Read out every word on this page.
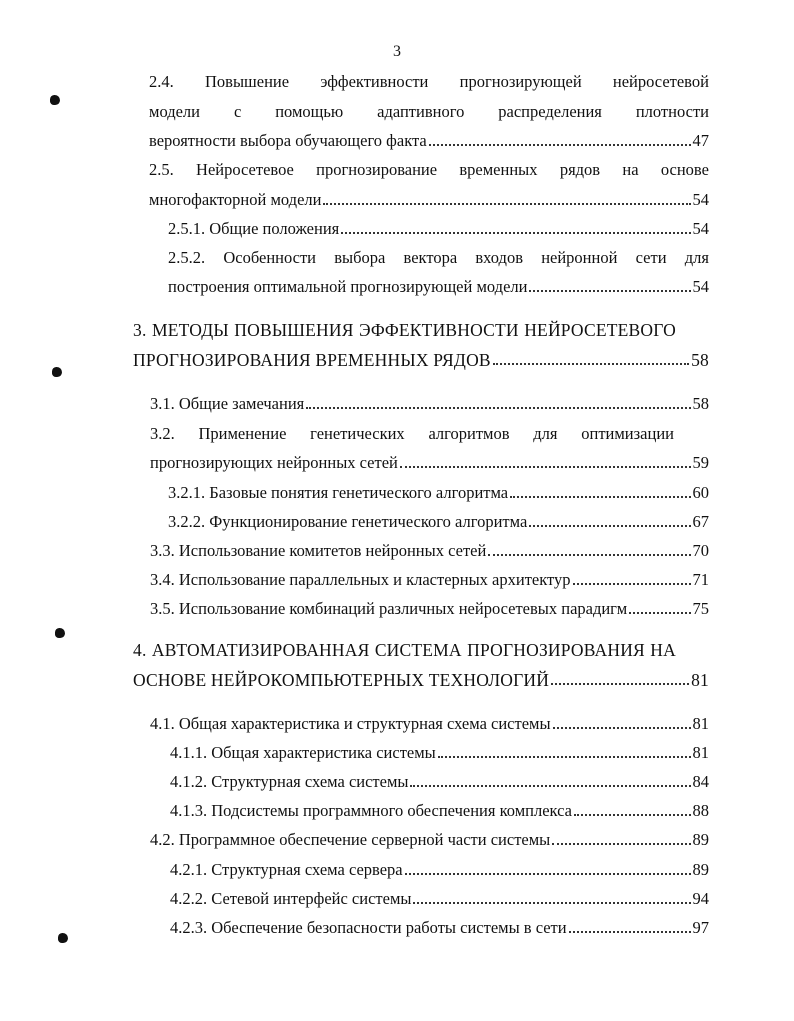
3
2.4. Повышение эффективности прогнозирующей нейросетевой
модели с помощью адаптивного распределения плотности
вероятности выбора обучающего факта	47
2.5. Нейросетевое прогнозирование временных рядов на основе
многофакторной модели	54
2.5.1. Общие положения	54
2.5.2. Особенности выбора вектора входов нейронной сети для
построения оптимальной прогнозирующей модели	54
3. МЕТОДЫ ПОВЫШЕНИЯ ЭФФЕКТИВНОСТИ НЕЙРОСЕТЕВОГО
ПРОГНОЗИРОВАНИЯ ВРЕМЕННЫХ РЯДОВ	58
3.1. Общие замечания	58
3.2. Применение генетических алгоритмов для оптимизации
прогнозирующих нейронных сетей	59
3.2.1. Базовые понятия генетического алгоритма	60
3.2.2. Функционирование генетического алгоритма	67
3.3. Использование комитетов нейронных сетей	70
3.4. Использование параллельных и кластерных архитектур	71
3.5. Использование комбинаций различных нейросетевых парадигм	75
4. АВТОМАТИЗИРОВАННАЯ СИСТЕМА ПРОГНОЗИРОВАНИЯ НА
ОСНОВЕ НЕЙРОКОМПЬЮТЕРНЫХ ТЕХНОЛОГИЙ	81
4.1. Общая характеристика и структурная схема системы	81
4.1.1. Общая характеристика системы	81
4.1.2. Структурная схема системы	84
4.1.3. Подсистемы программного обеспечения комплекса	88
4.2. Программное обеспечение серверной части системы	89
4.2.1. Структурная схема сервера	89
4.2.2. Сетевой интерфейс системы	94
4.2.3. Обеспечение безопасности работы системы в сети	97
